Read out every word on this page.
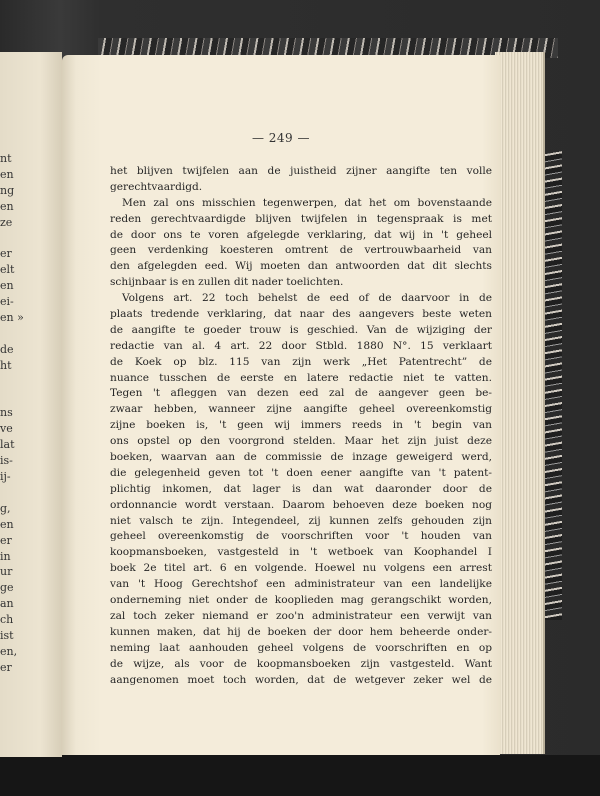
nt
en
ng
en
ze
er
elt
en
ei-
en »
de
ht
ns
ve
lat
is-
ij-
g,
en
er
in
ur
ge
an
ch
ist
en,
er
— 249 —
het blijven twijfelen aan de juistheid zijner aangifte ten volle
gerechtvaardigd.
Men zal ons misschien tegenwerpen, dat het om bovenstaande
reden gerechtvaardigde blijven twijfelen in tegenspraak is met
de door ons te voren afgelegde verklaring, dat wij in 't geheel
geen verdenking koesteren omtrent de vertrouwbaarheid van
den afgelegden eed. Wij moeten dan antwoorden dat dit slechts
schijnbaar is en zullen dit nader toelichten.
Volgens art. 22 toch behelst de eed of de daarvoor in de
plaats tredende verklaring, dat naar des aangevers beste weten
de aangifte te goeder trouw is geschied. Van de wijziging der
redactie van al. 4 art. 22 door Stbld. 1880 N°. 15 verklaart
de Koek op blz. 115 van zijn werk „Het Patentrecht” de
nuance tusschen de eerste en latere redactie niet te vatten.
Tegen 't afleggen van dezen eed zal de aangever geen be-
zwaar hebben, wanneer zijne aangifte geheel overeenkomstig
zijne boeken is, 't geen wij immers reeds in 't begin van
ons opstel op den voorgrond stelden. Maar het zijn juist deze
boeken, waarvan aan de commissie de inzage geweigerd werd,
die gelegenheid geven tot 't doen eener aangifte van 't patent-
plichtig inkomen, dat lager is dan wat daaronder door de
ordonnancie wordt verstaan. Daarom behoeven deze boeken nog
niet valsch te zijn. Integendeel, zij kunnen zelfs gehouden zijn
geheel overeenkomstig de voorschriften voor 't houden van
koopmansboeken, vastgesteld in 't wetboek van Koophandel I
boek 2e titel art. 6 en volgende. Hoewel nu volgens een arrest
van 't Hoog Gerechtshof een administrateur van een landelijke
onderneming niet onder de kooplieden mag gerangschikt worden,
zal toch zeker niemand er zoo'n administrateur een verwijt van
kunnen maken, dat hij de boeken der door hem beheerde onder-
neming laat aanhouden geheel volgens de voorschriften en op
de wijze, als voor de koopmansboeken zijn vastgesteld. Want
aangenomen moet toch worden, dat de wetgever zeker wel de
